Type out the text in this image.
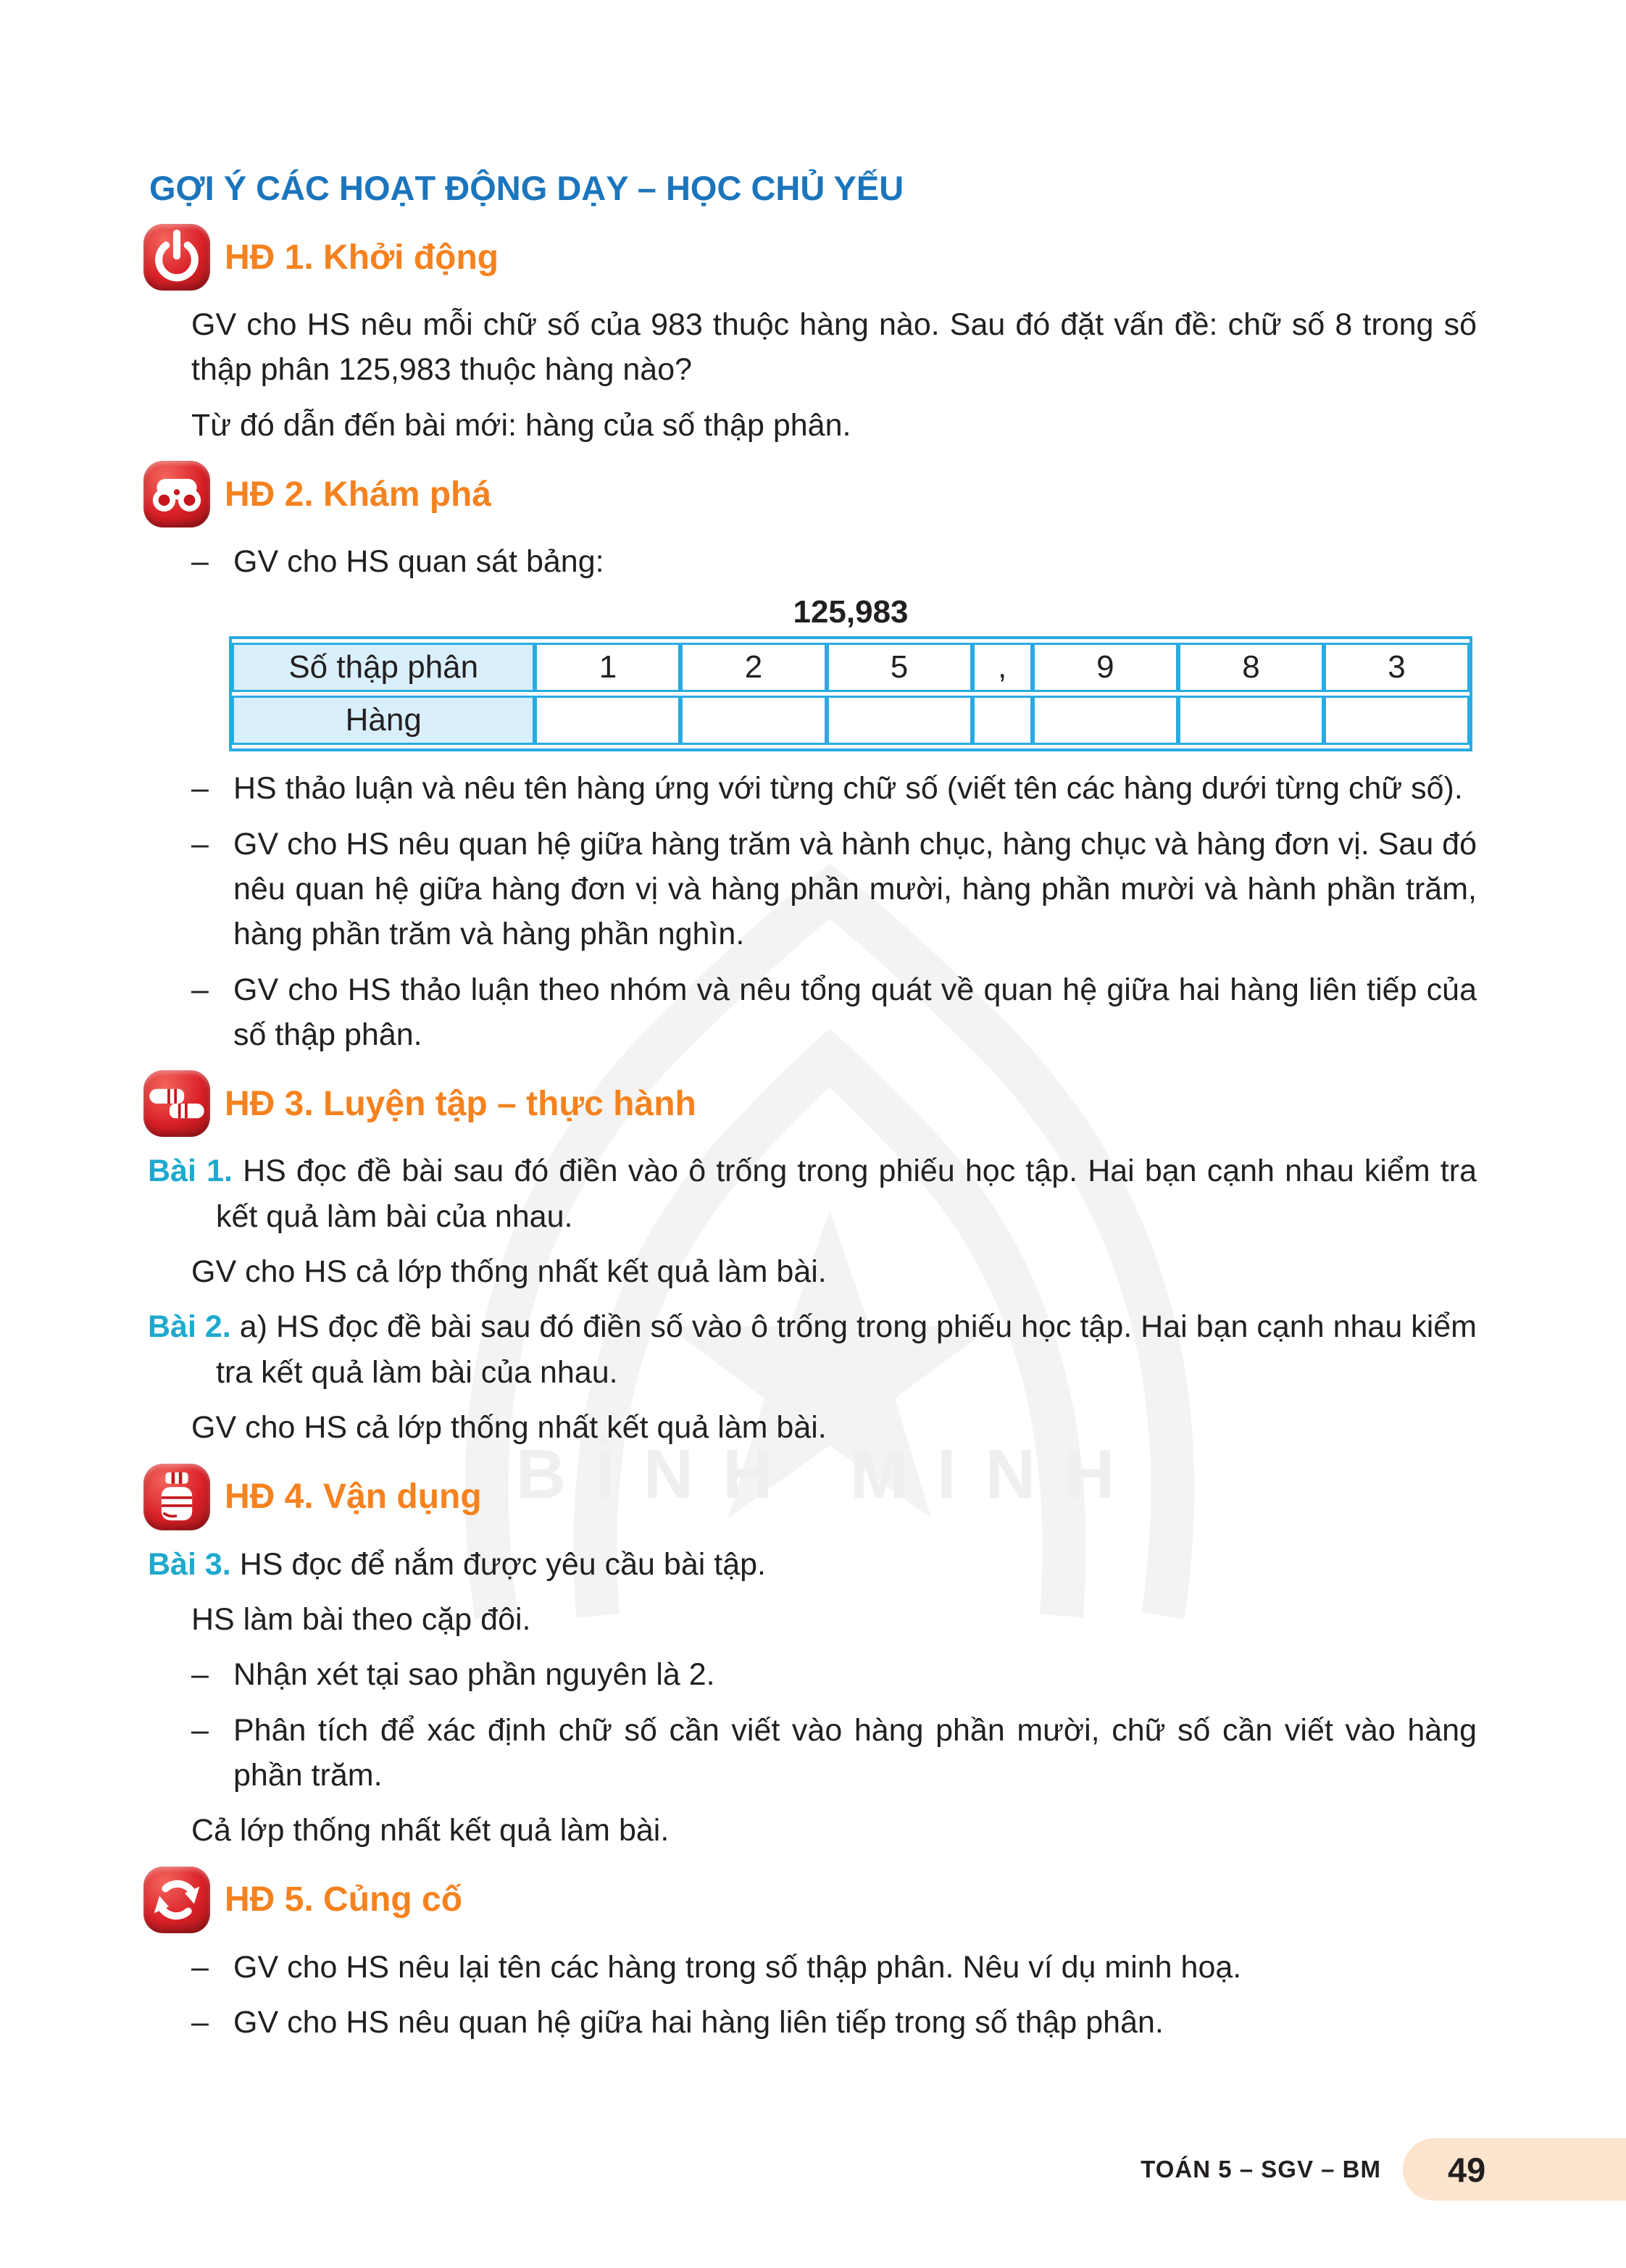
BÌNH MINH
GỢI Ý CÁC HOẠT ĐỘNG DẠY – HỌC CHỦ YẾU
HĐ 1. Khởi động

GV cho HS nêu mỗi chữ số của 983 thuộc hàng nào. Sau đó đặt vấn đề: chữ số 8 trong số thập phân 125,983 thuộc hàng nào?

Từ đó dẫn đến bài mới: hàng của số thập phân.

HĐ 2. Khám phá
– GV cho HS quan sát bảng:

125,983
Số thập phân	1	2	5	,	9	8	3
Hàng							
– HS thảo luận và nêu tên hàng ứng với từng chữ số (viết tên các hàng dưới từng chữ số).

– GV cho HS nêu quan hệ giữa hàng trăm và hành chục, hàng chục và hàng đơn vị. Sau đó nêu quan hệ giữa hàng đơn vị và hàng phần mười, hàng phần mười và hành phần trăm, hàng phần trăm và hàng phần nghìn.

– GV cho HS thảo luận theo nhóm và nêu tổng quát về quan hệ giữa hai hàng liên tiếp của số thập phân.

HĐ 3. Luyện tập – thực hành

Bài 1. HS đọc đề bài sau đó điền vào ô trống trong phiếu học tập. Hai bạn cạnh nhau kiểm tra kết quả làm bài của nhau.

GV cho HS cả lớp thống nhất kết quả làm bài.

Bài 2. a) HS đọc đề bài sau đó điền số vào ô trống trong phiếu học tập. Hai bạn cạnh nhau kiểm tra kết quả làm bài của nhau.

GV cho HS cả lớp thống nhất kết quả làm bài.

HĐ 4. Vận dụng

Bài 3. HS đọc để nắm được yêu cầu bài tập.

HS làm bài theo cặp đôi.

– Nhận xét tại sao phần nguyên là 2.

– Phân tích để xác định chữ số cần viết vào hàng phần mười, chữ số cần viết vào hàng phần trăm.

Cả lớp thống nhất kết quả làm bài.

HĐ 5. Củng cố
– GV cho HS nêu lại tên các hàng trong số thập phân. Nêu ví dụ minh hoạ.

– GV cho HS nêu quan hệ giữa hai hàng liên tiếp trong số thập phân.

TOÁN 5 – SGV – BM 49
